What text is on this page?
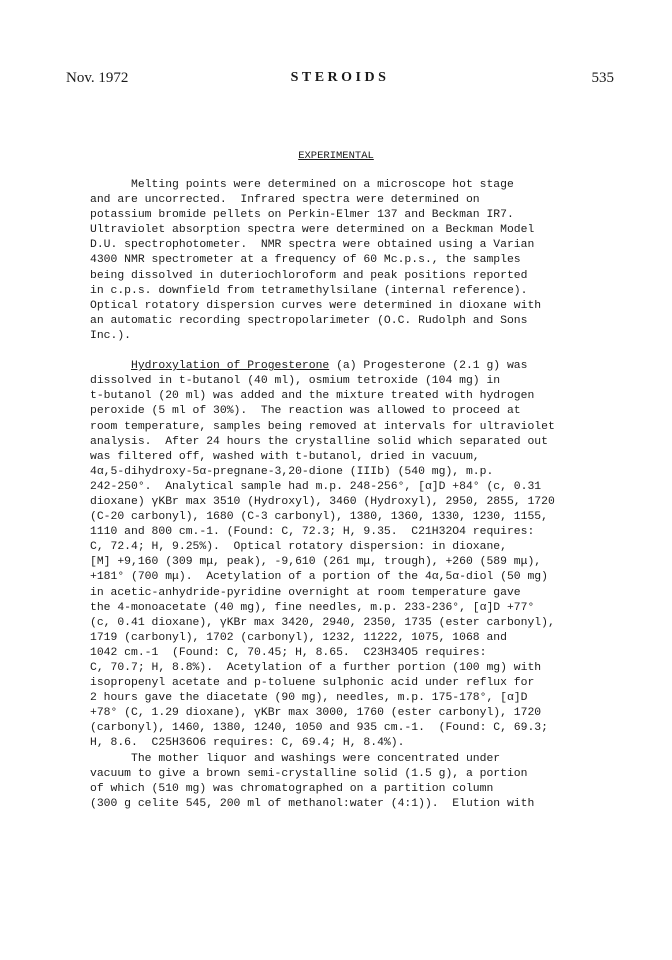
Nov. 1972	STEROIDS	535
EXPERIMENTAL
Melting points were determined on a microscope hot stage
and are uncorrected.  Infrared spectra were determined on
potassium bromide pellets on Perkin-Elmer 137 and Beckman IR7.
Ultraviolet absorption spectra were determined on a Beckman Model
D.U. spectrophotometer.  NMR spectra were obtained using a Varian
4300 NMR spectrometer at a frequency of 60 Mc.p.s., the samples
being dissolved in duteriochloroform and peak positions reported
in c.p.s. downfield from tetramethylsilane (internal reference).
Optical rotatory dispersion curves were determined in dioxane with
an automatic recording spectropolarimeter (O.C. Rudolph and Sons
Inc.).
Hydroxylation of Progesterone (a) Progesterone (2.1 g) was
dissolved in t-butanol (40 ml), osmium tetroxide (104 mg) in
t-butanol (20 ml) was added and the mixture treated with hydrogen
peroxide (5 ml of 30%).  The reaction was allowed to proceed at
room temperature, samples being removed at intervals for ultraviolet
analysis.  After 24 hours the crystalline solid which separated out
was filtered off, washed with t-butanol, dried in vacuum,
4α,5-dihydroxy-5α-pregnane-3,20-dione (IIIb) (540 mg), m.p.
242-250°.  Analytical sample had m.p. 248-256°, [α]D +84° (c, 0.31
dioxane) γKBr max 3510 (Hydroxyl), 3460 (Hydroxyl), 2950, 2855, 1720
(C-20 carbonyl), 1680 (C-3 carbonyl), 1380, 1360, 1330, 1230, 1155,
1110 and 800 cm.-1. (Found: C, 72.3; H, 9.35.  C21H32O4 requires:
C, 72.4; H, 9.25%).  Optical rotatory dispersion: in dioxane,
[M] +9,160 (309 mμ, peak), -9,610 (261 mμ, trough), +260 (589 mμ),
+181° (700 mμ).  Acetylation of a portion of the 4α,5α-diol (50 mg)
in acetic-anhydride-pyridine overnight at room temperature gave
the 4-monoacetate (40 mg), fine needles, m.p. 233-236°, [α]D +77°
(c, 0.41 dioxane), γKBr max 3420, 2940, 2350, 1735 (ester carbonyl),
1719 (carbonyl), 1702 (carbonyl), 1232, 11222, 1075, 1068 and
1042 cm.-1  (Found: C, 70.45; H, 8.65.  C23H34O5 requires:
C, 70.7; H, 8.8%).  Acetylation of a further portion (100 mg) with
isopropenyl acetate and p-toluene sulphonic acid under reflux for
2 hours gave the diacetate (90 mg), needles, m.p. 175-178°, [α]D
+78° (C, 1.29 dioxane), γKBr max 3000, 1760 (ester carbonyl), 1720
(carbonyl), 1460, 1380, 1240, 1050 and 935 cm.-1.  (Found: C, 69.3;
H, 8.6.  C25H36O6 requires: C, 69.4; H, 8.4%).
The mother liquor and washings were concentrated under
vacuum to give a brown semi-crystalline solid (1.5 g), a portion
of which (510 mg) was chromatographed on a partition column
(300 g celite 545, 200 ml of methanol:water (4:1)).  Elution with
